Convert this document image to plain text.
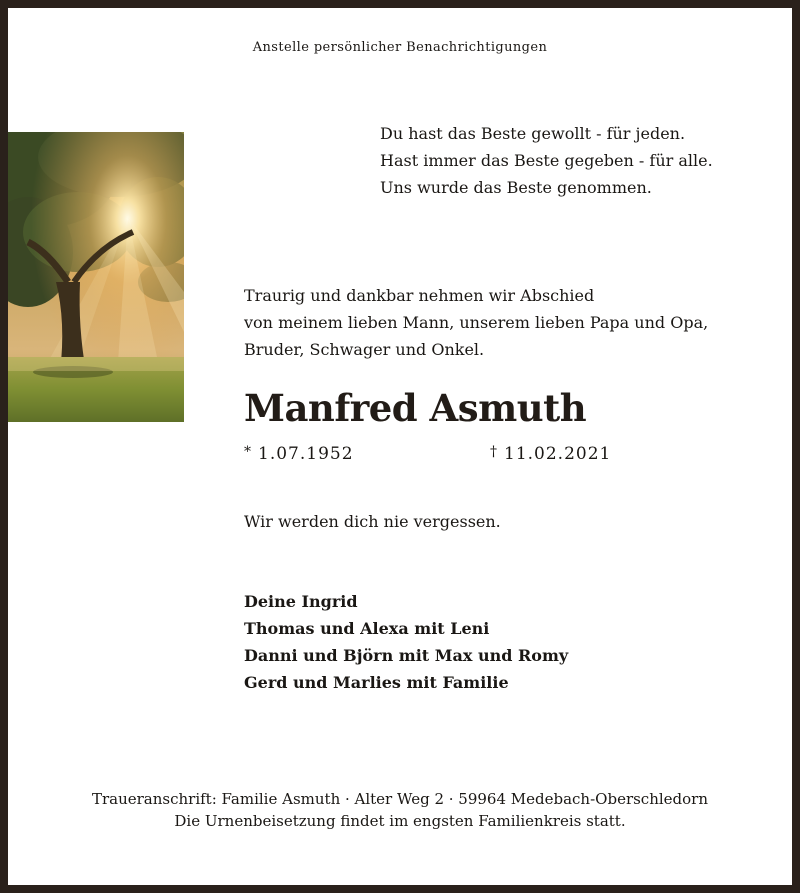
Anstelle persönlicher Benachrichtigungen
Du hast das Beste gewollt - für jeden.
Hast immer das Beste gegeben - für alle.
Uns wurde das Beste genommen.
Traurig und dankbar nehmen wir Abschied
von meinem lieben Mann, unserem lieben Papa und Opa,
Bruder, Schwager und Onkel.
Manfred Asmuth
* 1.07.1952	† 11.02.2021
Wir werden dich nie vergessen.
Deine Ingrid
Thomas und Alexa mit Leni
Danni und Björn mit Max und Romy
Gerd und Marlies mit Familie
Traueranschrift: Familie Asmuth · Alter Weg 2 · 59964 Medebach-Oberschledorn
Die Urnenbeisetzung findet im engsten Familienkreis statt.
